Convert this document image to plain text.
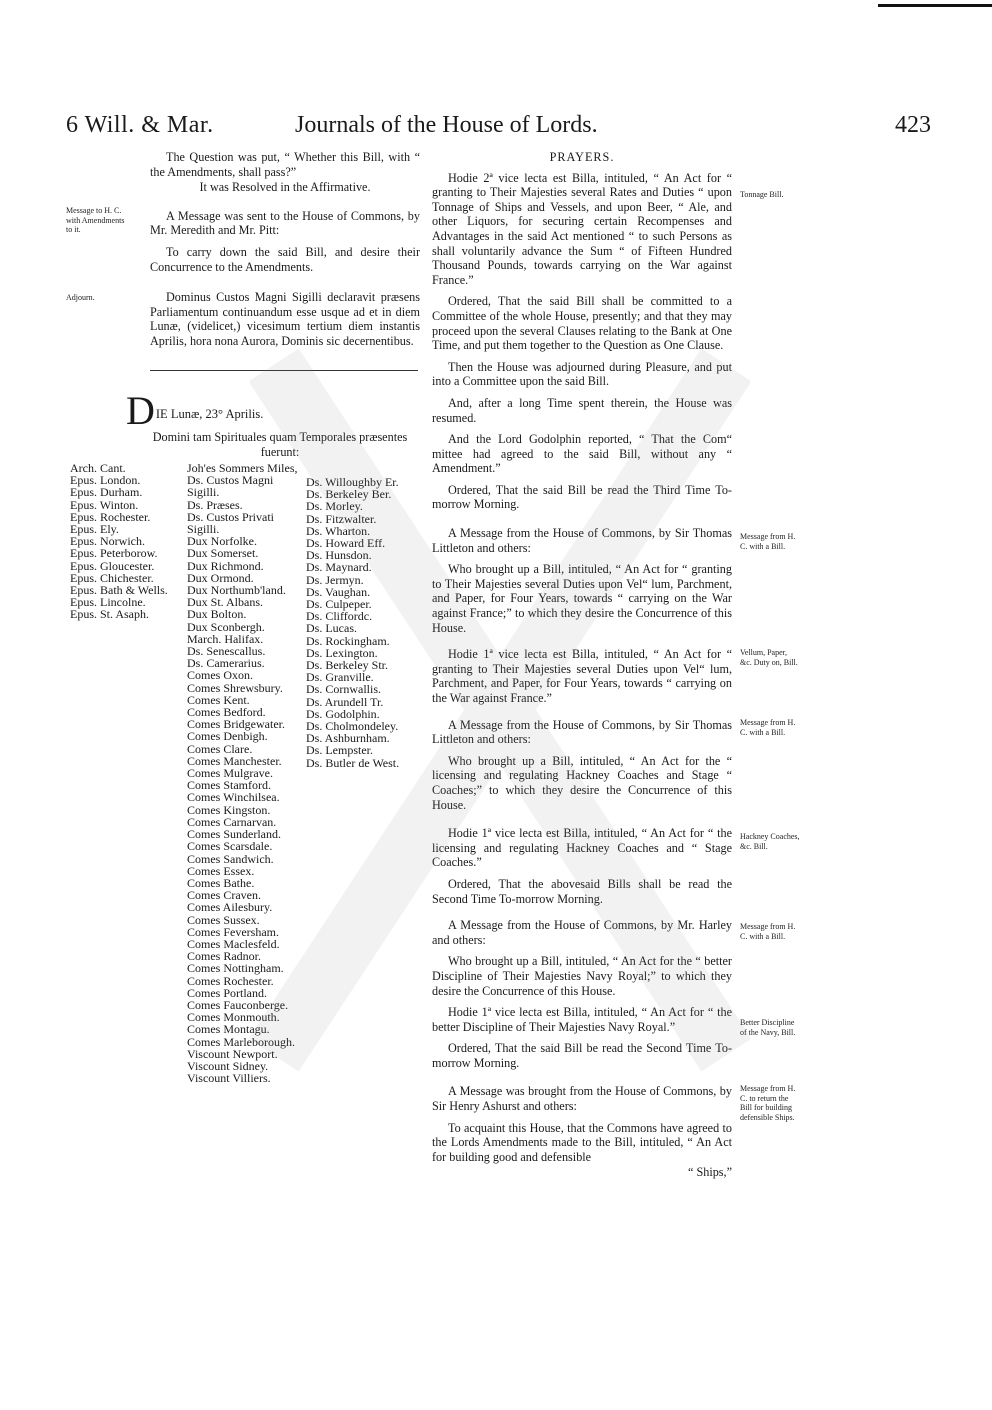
6 Will. & Mar.	Journals of the House of Lords.	423

The Question was put, “ Whether this Bill, with “ the Amendments, shall pass?”

It was Resolved in the Affirmative.

A Message was sent to the House of Commons, by Mr. Meredith and Mr. Pitt:

To carry down the said Bill, and desire their Concurrence to the Amendments.

Dominus Custos Magni Sigilli declaravit præsens Parliamentum continuandum esse usque ad et in diem Lunæ, (videlicet,) vicesimum tertium diem instantis Aprilis, hora nona Aurora, Dominis sic decernentibus.

Message to H. C. with Amendments to it.
Adjourn.
DIE Lunæ, 23° Aprilis.

Domini tam Spirituales quam Temporales præsentes fuerunt:

Arch. Cant.
Epus. London.
Epus. Durham.
Epus. Winton.
Epus. Rochester.
Epus. Ely.
Epus. Norwich.
Epus. Peterborow.
Epus. Gloucester.
Epus. Chichester.
Epus. Bath & Wells.
Epus. Lincolne.
Epus. St. Asaph.
Joh'es Sommers Miles,
Ds. Custos Magni
Sigilli.
Ds. Præses.
Ds. Custos Privati
Sigilli.
Dux Norfolke.
Dux Somerset.
Dux Richmond.
Dux Ormond.
Dux Northumb'land.
Dux St. Albans.
Dux Bolton.
Dux Sconbergh.
March. Halifax.
Ds. Senescallus.
Ds. Camerarius.
Comes Oxon.
Comes Shrewsbury.
Comes Kent.
Comes Bedford.
Comes Bridgewater.
Comes Denbigh.
Comes Clare.
Comes Manchester.
Comes Mulgrave.
Comes Stamford.
Comes Winchilsea.
Comes Kingston.
Comes Carnarvan.
Comes Sunderland.
Comes Scarsdale.
Comes Sandwich.
Comes Essex.
Comes Bathe.
Comes Craven.
Comes Ailesbury.
Comes Sussex.
Comes Feversham.
Comes Maclesfeld.
Comes Radnor.
Comes Nottingham.
Comes Rochester.
Comes Portland.
Comes Fauconberge.
Comes Monmouth.
Comes Montagu.
Comes Marleborough.
Viscount Newport.
Viscount Sidney.
Viscount Villiers.
Ds. Willoughby Er.
Ds. Berkeley Ber.
Ds. Morley.
Ds. Fitzwalter.
Ds. Wharton.
Ds. Howard Eff.
Ds. Hunsdon.
Ds. Maynard.
Ds. Jermyn.
Ds. Vaughan.
Ds. Culpeper.
Ds. Cliffordc.
Ds. Lucas.
Ds. Rockingham.
Ds. Lexington.
Ds. Berkeley Str.
Ds. Granville.
Ds. Cornwallis.
Ds. Arundell Tr.
Ds. Godolphin.
Ds. Cholmondeley.
Ds. Ashburnham.
Ds. Lempster.
Ds. Butler de West.

PRAYERS.

Hodie 2ª vice lecta est Billa, intituled, “ An Act for “ granting to Their Majesties several Rates and Duties “ upon Tonnage of Ships and Vessels, and upon Beer, “ Ale, and other Liquors, for securing certain Recompenses and Advantages in the said Act mentioned “ to such Persons as shall voluntarily advance the Sum “ of Fifteen Hundred Thousand Pounds, towards carrying on the War against France.”

Ordered, That the said Bill shall be committed to a Committee of the whole House, presently; and that they may proceed upon the several Clauses relating to the Bank at One Time, and put them together to the Question as One Clause.

Then the House was adjourned during Pleasure, and put into a Committee upon the said Bill.

And, after a long Time spent therein, the House was resumed.

And the Lord Godolphin reported, “ That the Com“ mittee had agreed to the said Bill, without any “ Amendment.”

Ordered, That the said Bill be read the Third Time To-morrow Morning.

A Message from the House of Commons, by Sir Thomas Littleton and others:

Who brought up a Bill, intituled, “ An Act for “ granting to Their Majesties several Duties upon Vel“ lum, Parchment, and Paper, for Four Years, towards “ carrying on the War against France;” to which they desire the Concurrence of this House.

Hodie 1ª vice lecta est Billa, intituled, “ An Act for “ granting to Their Majesties several Duties upon Vel“ lum, Parchment, and Paper, for Four Years, towards “ carrying on the War against France.”

A Message from the House of Commons, by Sir Thomas Littleton and others:

Who brought up a Bill, intituled, “ An Act for the “ licensing and regulating Hackney Coaches and Stage “ Coaches;” to which they desire the Concurrence of this House.

Hodie 1ª vice lecta est Billa, intituled, “ An Act for “ the licensing and regulating Hackney Coaches and “ Stage Coaches.”

Ordered, That the abovesaid Bills shall be read the Second Time To-morrow Morning.

A Message from the House of Commons, by Mr. Harley and others:

Who brought up a Bill, intituled, “ An Act for the “ better Discipline of Their Majesties Navy Royal;” to which they desire the Concurrence of this House.

Hodie 1ª vice lecta est Billa, intituled, “ An Act for “ the better Discipline of Their Majesties Navy Royal.”

Ordered, That the said Bill be read the Second Time To-morrow Morning.

A Message was brought from the House of Commons, by Sir Henry Ashurst and others:

To acquaint this House, that the Commons have agreed to the Lords Amendments made to the Bill, intituled, “ An Act for building good and defensible

“ Ships,”

Tonnage Bill.
Message from H. C. with a Bill.
Vellum, Paper, &c. Duty on, Bill.
Message from H. C. with a Bill.
Hackney Coaches, &c. Bill.
Message from H. C. with a Bill.
Better Discipline of the Navy, Bill.
Message from H. C. to return the Bill for building defensible Ships.
